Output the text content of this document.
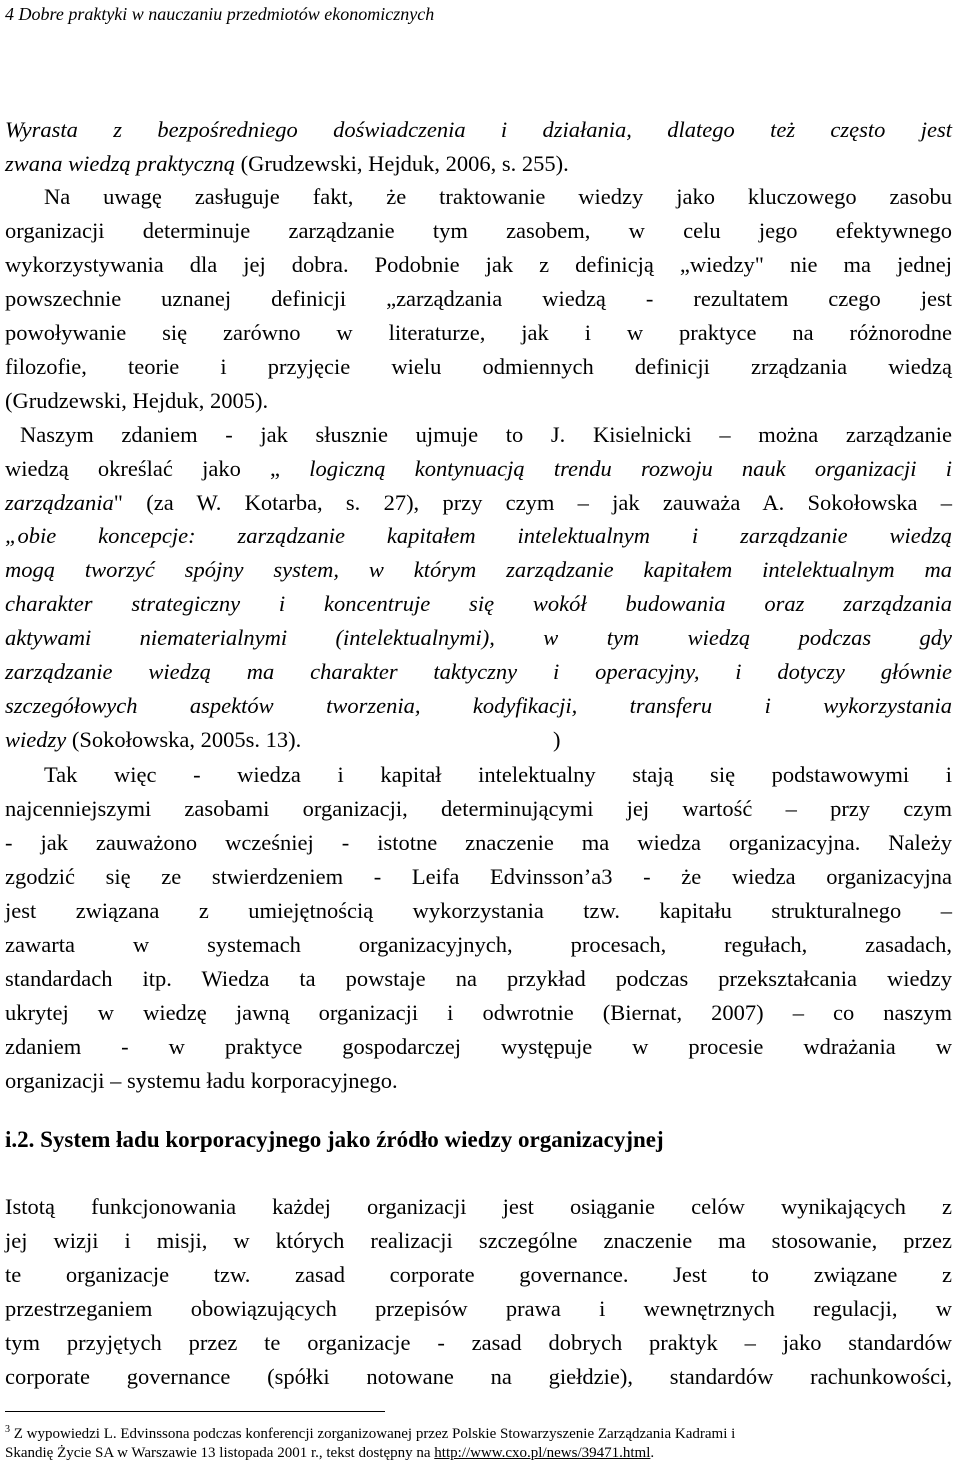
4 Dobre praktyki w nauczaniu przedmiotów ekonomicznych
Wyrasta z bezpośredniego doświadczenia i działania, dlatego też często jest
zwana wiedzą praktyczną (Grudzewski, Hejduk, 2006, s. 255).
Na uwagę zasługuje fakt, że traktowanie wiedzy jako kluczowego zasobu
organizacji determinuje zarządzanie tym zasobem, w celu jego efektywnego
wykorzystywania dla jej dobra. Podobnie jak z definicją „wiedzy" nie ma jednej
powszechnie uznanej definicji „zarządzania wiedzą - rezultatem czego jest
powoływanie się zarówno w literaturze, jak i w praktyce na różnorodne
filozofie, teorie i przyjęcie wielu odmiennych definicji zrządzania wiedzą
(Grudzewski, Hejduk, 2005).
Naszym zdaniem - jak słusznie ujmuje to J. Kisielnicki – można zarządzanie
wiedzą określać jako „ logiczną kontynuacją trendu rozwoju nauk organizacji i
zarządzania" (za W. Kotarba, s. 27), przy czym – jak zauważa A. Sokołowska –
„obie koncepcje: zarządzanie kapitałem intelektualnym i zarządzanie wiedzą
mogą tworzyć spójny system, w którym zarządzanie kapitałem intelektualnym ma
charakter strategiczny i koncentruje się wokół budowania oraz zarządzania
aktywami niematerialnymi (intelektualnymi), w tym wiedzą podczas gdy
zarządzanie wiedzą ma charakter taktyczny i operacyjny, i dotyczy głównie
szczegółowych aspektów tworzenia, kodyfikacji, transferu i wykorzystania
wiedzy (Sokołowska, 2005s. 13).	)
Tak więc - wiedza i kapitał intelektualny stają się podstawowymi i
najcenniejszymi zasobami organizacji, determinującymi jej wartość – przy czym
- jak zauważono wcześniej - istotne znaczenie ma wiedza organizacyjna. Należy
zgodzić się ze stwierdzeniem - Leifa Edvinsson’a3 - że wiedza organizacyjna
jest związana z umiejętnością wykorzystania tzw. kapitału strukturalnego –
zawarta w systemach organizacyjnych, procesach, regułach, zasadach,
standardach itp. Wiedza ta powstaje na przykład podczas przekształcania wiedzy
ukrytej w wiedzę jawną organizacji i odwrotnie (Biernat, 2007) – co naszym
zdaniem - w praktyce gospodarczej występuje w procesie wdrażania w
organizacji – systemu ładu korporacyjnego.
i.2. System ładu korporacyjnego jako źródło wiedzy organizacyjnej
Istotą funkcjonowania każdej organizacji jest osiąganie celów wynikających z
jej wizji i misji, w których realizacji szczególne znaczenie ma stosowanie, przez
te organizacje tzw. zasad corporate governance. Jest to związane z
przestrzeganiem obowiązujących przepisów prawa i wewnętrznych regulacji, w
tym przyjętych przez te organizacje - zasad dobrych praktyk – jako standardów
corporate governance (spółki notowane na giełdzie), standardów rachunkowości,
$^3$ Z wypowiedzi L. Edvinssona podczas konferencji zorganizowanej przez Polskie Stowarzyszenie Zarządzania Kadrami i
Skandię Życie SA w Warszawie 13 listopada 2001 r., tekst dostępny na http://www.cxo.pl/news/39471.html.
